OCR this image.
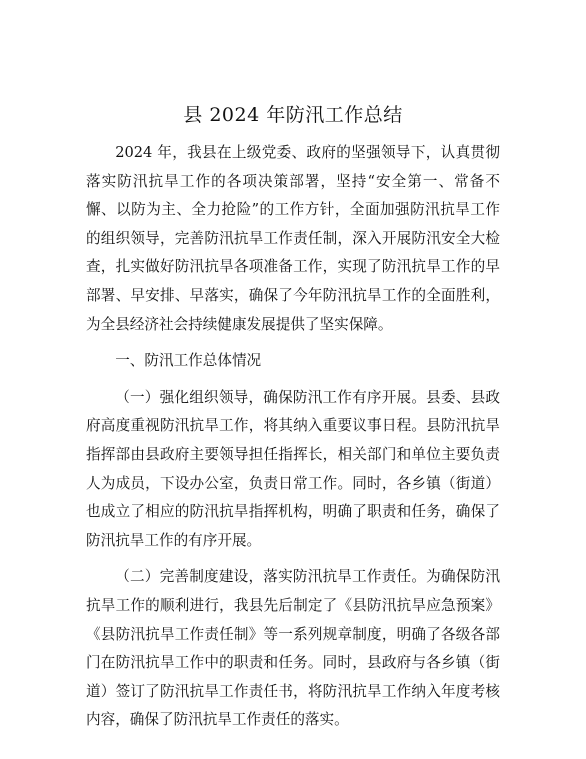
县 2024 年防汛工作总结

2024 年，我县在上级党委、政府的坚强领导下，认真贯彻落实防汛抗旱工作的各项决策部署，坚持“安全第一、常备不懈、以防为主、全力抢险”的工作方针，全面加强防汛抗旱工作的组织领导，完善防汛抗旱工作责任制，深入开展防汛安全大检查，扎实做好防汛抗旱各项准备工作，实现了防汛抗旱工作的早部署、早安排、早落实，确保了今年防汛抗旱工作的全面胜利，为全县经济社会持续健康发展提供了坚实保障。

一、防汛工作总体情况

（一）强化组织领导，确保防汛工作有序开展。县委、县政府高度重视防汛抗旱工作，将其纳入重要议事日程。县防汛抗旱指挥部由县政府主要领导担任指挥长，相关部门和单位主要负责人为成员，下设办公室，负责日常工作。同时，各乡镇（街道）也成立了相应的防汛抗旱指挥机构，明确了职责和任务，确保了防汛抗旱工作的有序开展。

（二）完善制度建设，落实防汛抗旱工作责任。为确保防汛抗旱工作的顺利进行，我县先后制定了《县防汛抗旱应急预案》《县防汛抗旱工作责任制》等一系列规章制度，明确了各级各部门在防汛抗旱工作中的职责和任务。同时，县政府与各乡镇（街道）签订了防汛抗旱工作责任书，将防汛抗旱工作纳入年度考核内容，确保了防汛抗旱工作责任的落实。
